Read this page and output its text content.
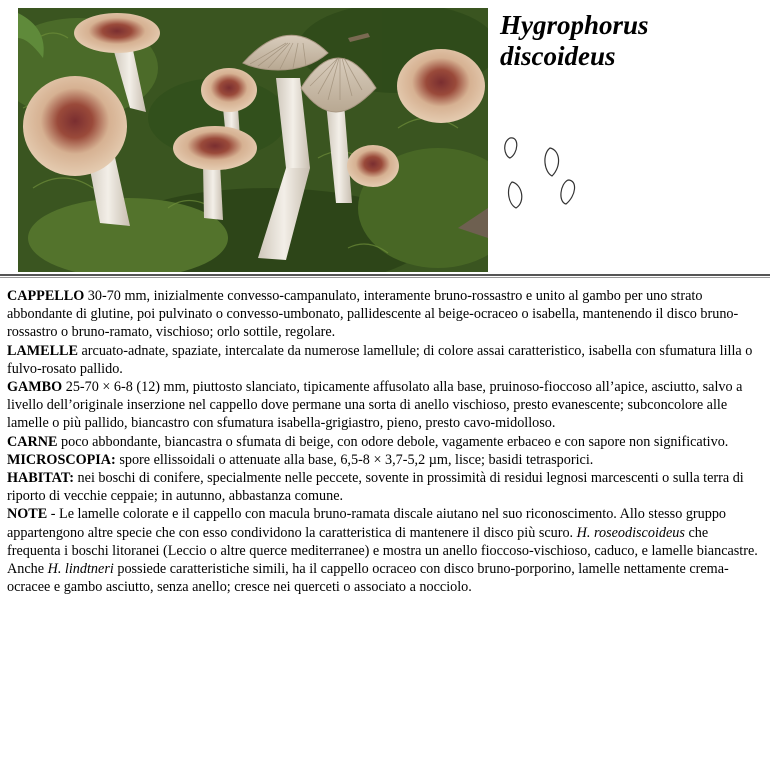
Hygrophorus
discoideus

CAPPELLO 30-70 mm, inizialmente convesso-campanulato, interamente bruno-rossastro e unito al gambo per uno strato abbondante di glutine, poi pulvinato o convesso-umbonato, pallidescente al beige-ocraceo o isabella, mantenendo il disco bruno-rossastro o bruno-ramato, vischioso; orlo sottile, regolare.

LAMELLE arcuato-adnate, spaziate, intercalate da numerose lamellule; di colore assai caratteristico, isabella con sfumatura lilla o fulvo-rosato pallido.

GAMBO 25-70 × 6-8 (12) mm, piuttosto slanciato, tipicamente affusolato alla base, pruinoso-fioccoso all’apice, asciutto, salvo a livello dell’originale inserzione nel cappello dove permane una sorta di anello vischioso, presto evanescente; subconcolore alle lamelle o più pallido, biancastro con sfumatura isabella-grigiastro, pieno, presto cavo-midolloso.

CARNE poco abbondante, biancastra o sfumata di beige, con odore debole, vagamente erbaceo e con sapore non significativo.

MICROSCOPIA: spore ellissoidali o attenuate alla base, 6,5-8 × 3,7-5,2 µm, lisce; basidi tetrasporici.

HABITAT: nei boschi di conifere, specialmente nelle peccete, sovente in prossimità di residui legnosi marcescenti o sulla terra di riporto di vecchie ceppaie; in autunno, abbastanza comune.

NOTE - Le lamelle colorate e il cappello con macula bruno-ramata discale aiutano nel suo riconoscimento. Allo stesso gruppo appartengono altre specie che con esso condividono la caratteristica di mantenere il disco più scuro. H. roseodiscoideus che frequenta i boschi litoranei (Leccio o altre querce mediterranee) e mostra un anello fioccoso-vischioso, caduco, e lamelle biancastre. Anche H. lindtneri possiede caratteristiche simili, ha il cappello ocraceo con disco bruno-porporino, lamelle nettamente crema-ocracee e gambo asciutto, senza anello; cresce nei querceti o associato a nocciolo.
